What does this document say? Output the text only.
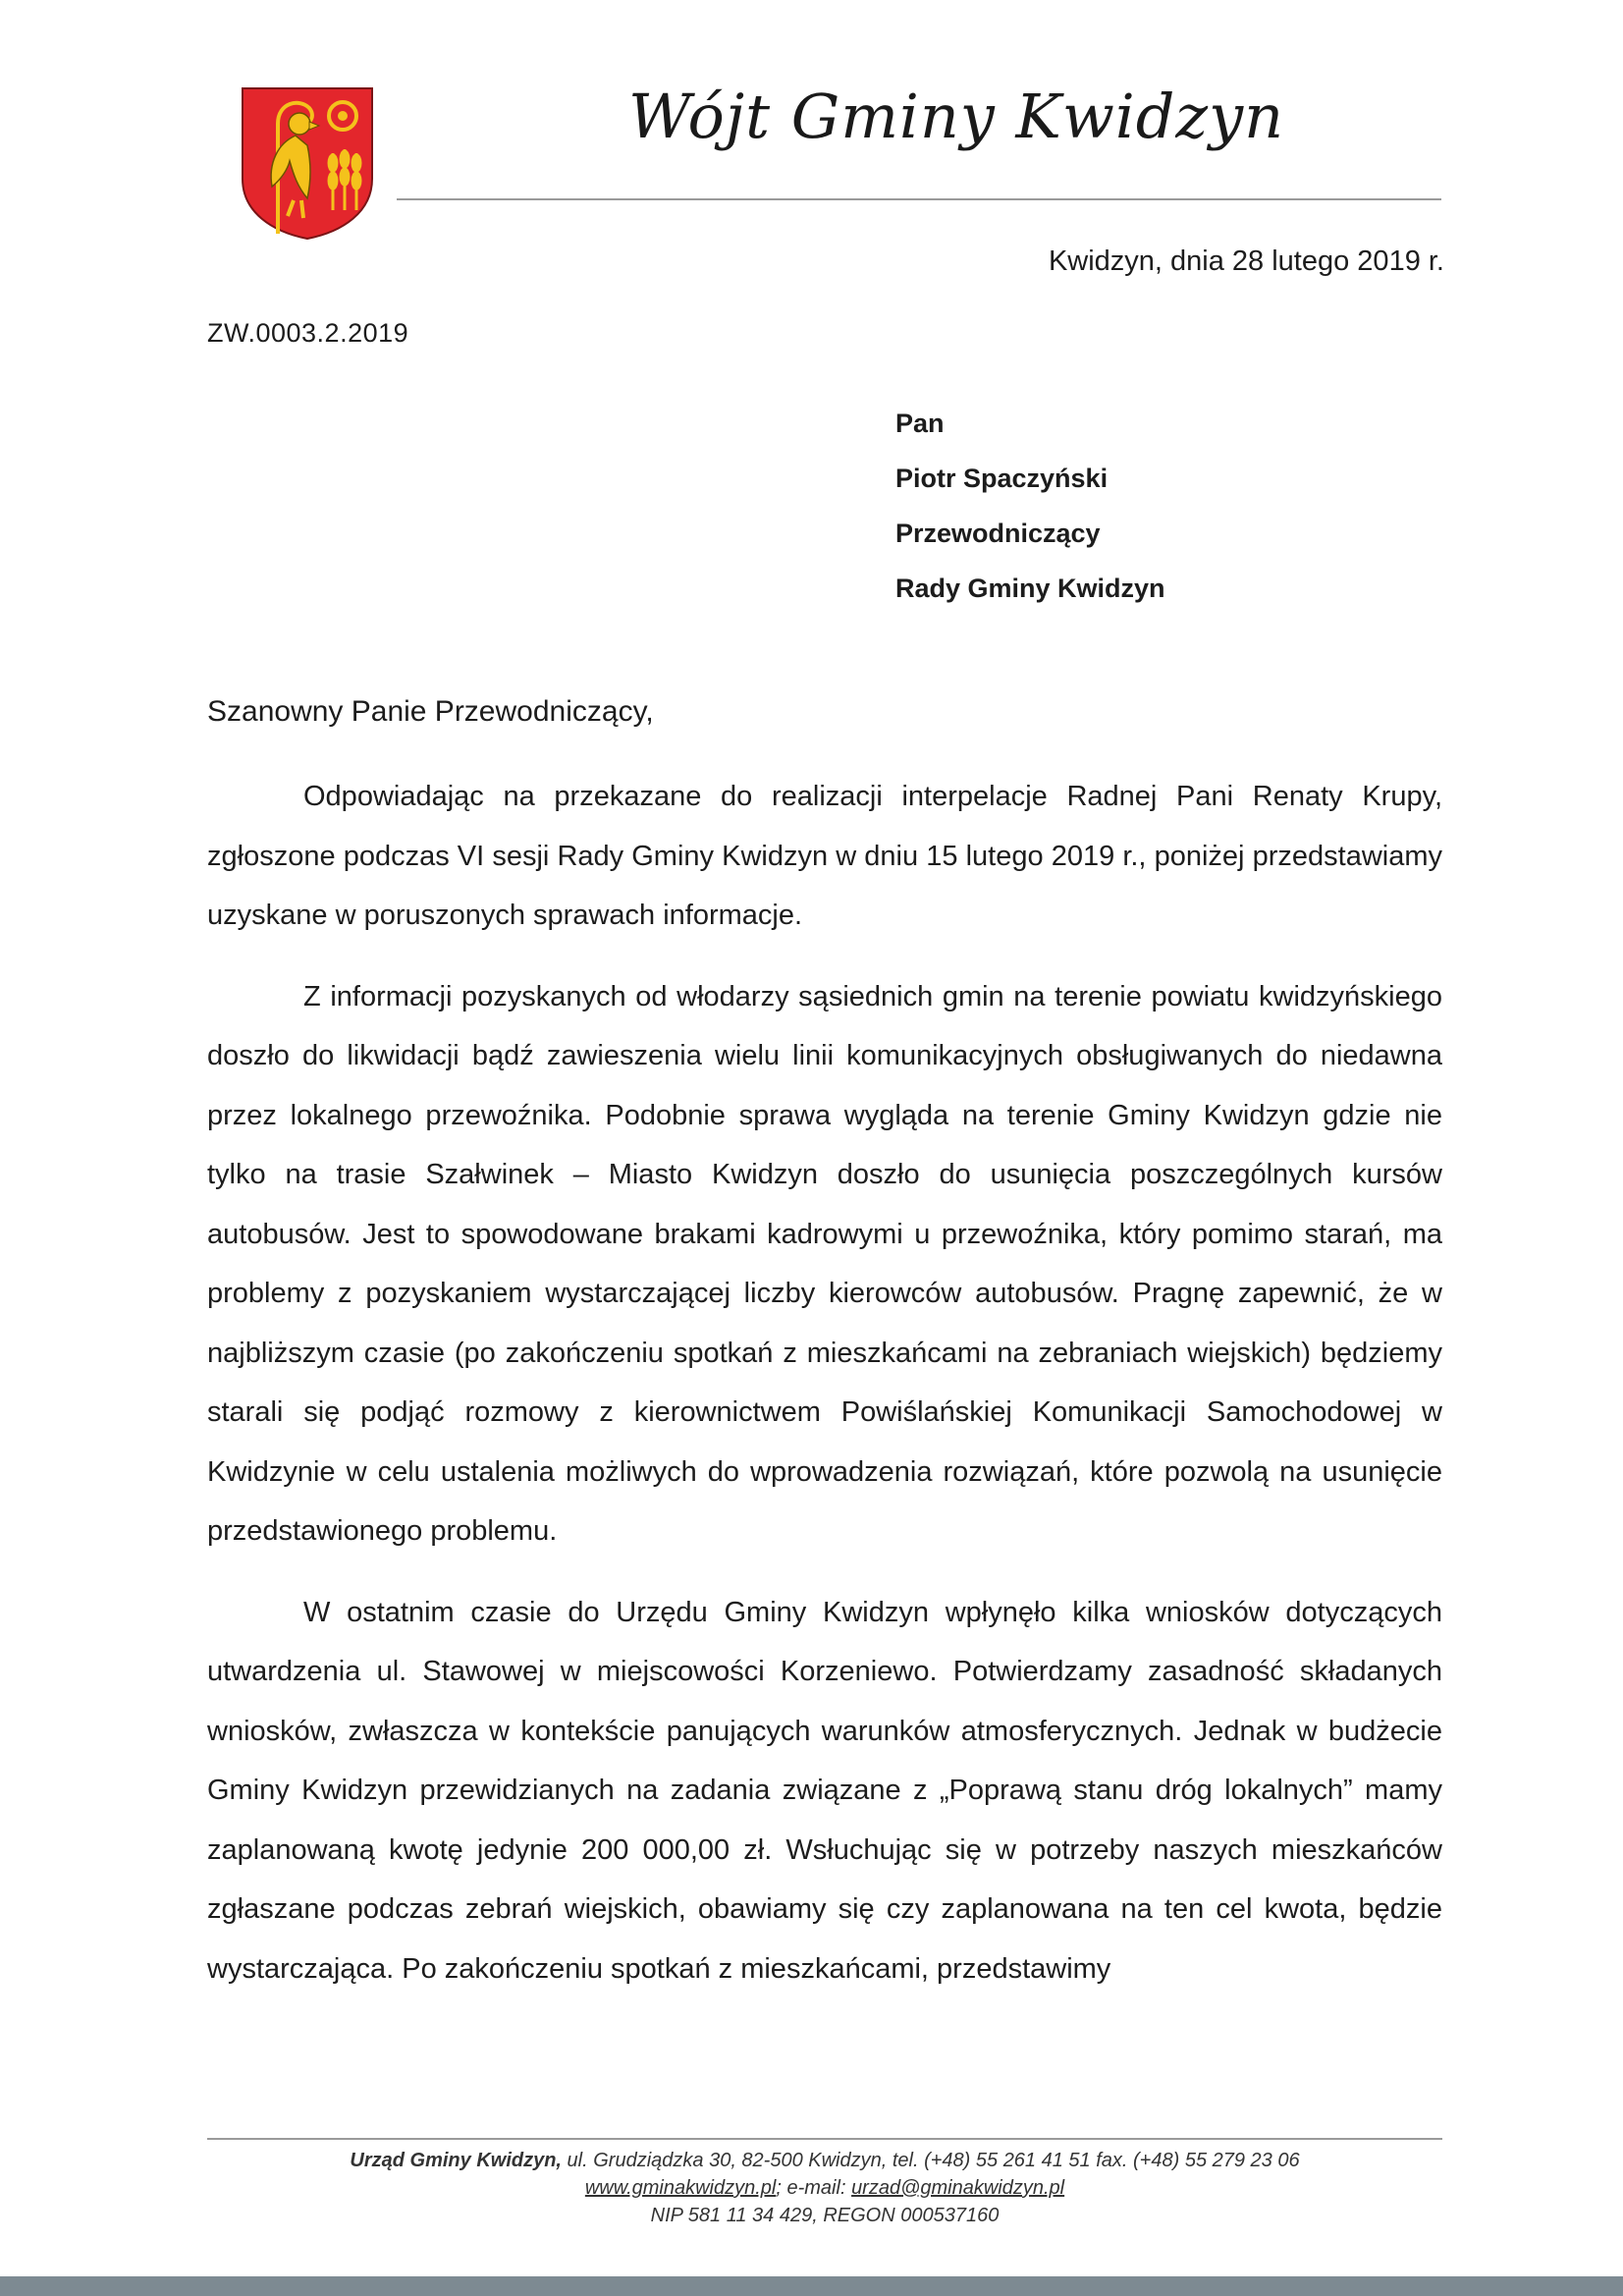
Wójt Gminy Kwidzyn
Kwidzyn, dnia 28 lutego 2019 r.
ZW.0003.2.2019
Pan
Piotr Spaczyński
Przewodniczący
Rady Gminy Kwidzyn
Szanowny Panie Przewodniczący,

Odpowiadając na przekazane do realizacji interpelacje Radnej Pani Renaty Krupy, zgłoszone podczas VI sesji Rady Gminy Kwidzyn w dniu 15 lutego 2019 r., poniżej przedstawiamy uzyskane w poruszonych sprawach informacje.

Z informacji pozyskanych od włodarzy sąsiednich gmin na terenie powiatu kwidzyńskiego doszło do likwidacji bądź zawieszenia wielu linii komunikacyjnych obsługiwanych do niedawna przez lokalnego przewoźnika. Podobnie sprawa wygląda na terenie Gminy Kwidzyn gdzie nie tylko na trasie Szałwinek – Miasto Kwidzyn doszło do usunięcia poszczególnych kursów autobusów. Jest to spowodowane brakami kadrowymi u przewoźnika, który pomimo starań, ma problemy z pozyskaniem wystarczającej liczby kierowców autobusów. Pragnę zapewnić, że w najbliższym czasie (po zakończeniu spotkań z mieszkańcami na zebraniach wiejskich) będziemy starali się podjąć rozmowy z kierownictwem Powiślańskiej Komunikacji Samochodowej w Kwidzynie w celu ustalenia możliwych do wprowadzenia rozwiązań, które pozwolą na usunięcie przedstawionego problemu.

W ostatnim czasie do Urzędu Gminy Kwidzyn wpłynęło kilka wniosków dotyczących utwardzenia ul. Stawowej w miejscowości Korzeniewo. Potwierdzamy zasadność składanych wniosków, zwłaszcza w kontekście panujących warunków atmosferycznych. Jednak w budżecie Gminy Kwidzyn przewidzianych na zadania związane z „Poprawą stanu dróg lokalnych” mamy zaplanowaną kwotę jedynie 200 000,00 zł. Wsłuchując się w potrzeby naszych mieszkańców zgłaszane podczas zebrań wiejskich, obawiamy się czy zaplanowana na ten cel kwota, będzie wystarczająca. Po zakończeniu spotkań z mieszkańcami, przedstawimy

Urząd Gminy Kwidzyn, ul. Grudziądzka 30, 82-500 Kwidzyn, tel. (+48) 55 261 41 51 fax. (+48) 55 279 23 06
www.gminakwidzyn.pl; e-mail: urzad@gminakwidzyn.pl
NIP 581 11 34 429, REGON 000537160
